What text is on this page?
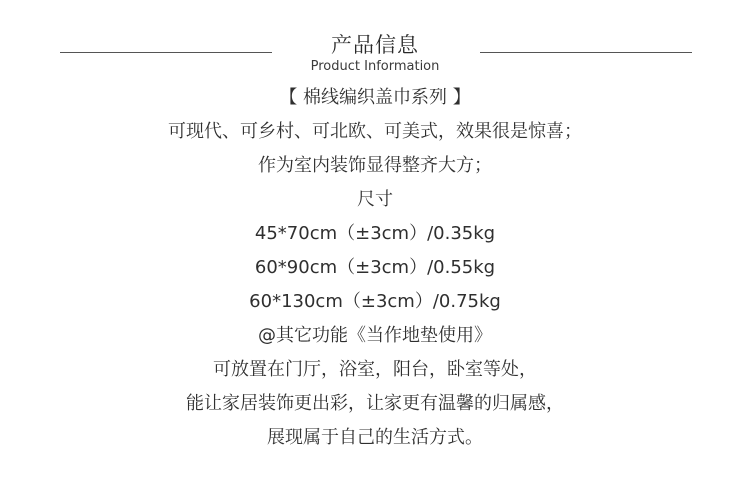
产品信息
Product Information
【 棉线编织盖巾系列 】
可现代、可乡村、可北欧、可美式，效果很是惊喜；
作为室内装饰显得整齐大方；
尺寸
45*70cm（±3cm）/0.35kg
60*90cm（±3cm）/0.55kg
60*130cm（±3cm）/0.75kg
@其它功能《当作地垫使用》
可放置在门厅，浴室，阳台，卧室等处，
能让家居装饰更出彩，让家更有温馨的归属感，
展现属于自己的生活方式。
